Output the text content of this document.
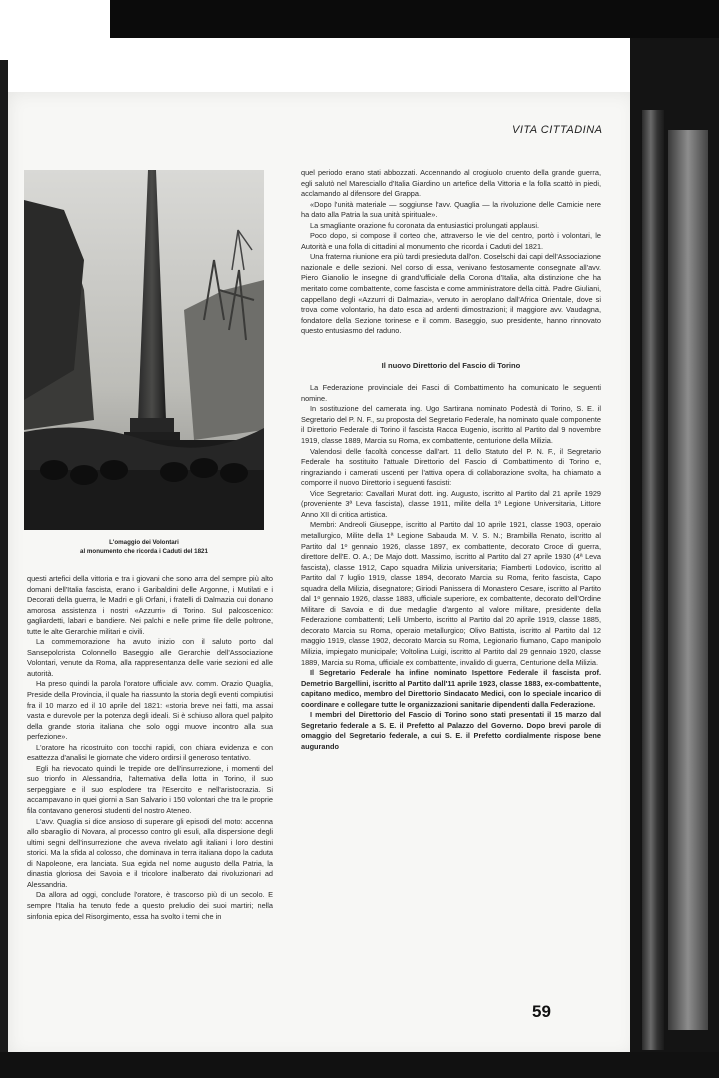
VITA CITTADINA
L'omaggio dei Volontari
al monumento che ricorda i Caduti del 1821

questi artefici della vittoria e tra i giovani che sono arra del sempre più alto domani dell'Italia fascista, erano i Garibaldini delle Argonne, i Mutilati e i Decorati della guerra, le Madri e gli Orfani, i fratelli di Dalmazia cui donano amorosa assistenza i nostri «Azzurri» di Torino. Sul palcoscenico: gagliardetti, labari e bandiere. Nei palchi e nelle prime file delle poltrone, tutte le alte Gerarchie militari e civili.

La commemorazione ha avuto inizio con il saluto porto dal Sansepolcrista Colonnello Baseggio alle Gerarchie dell'Associazione Volontari, venute da Roma, alla rappresentanza delle varie sezioni ed alle autorità.

Ha preso quindi la parola l'oratore ufficiale avv. comm. Orazio Quaglia, Preside della Provincia, il quale ha riassunto la storia degli eventi compiutisi fra il 10 marzo ed il 10 aprile del 1821: «storia breve nei fatti, ma assai vasta e durevole per la potenza degli ideali. Si è schiuso allora quel palpito della grande storia italiana che solo oggi muove incontro alla sua perfezione».

L'oratore ha ricostruito con tocchi rapidi, con chiara evidenza e con esattezza d'analisi le giornate che videro ordirsi il generoso tentativo.

Egli ha rievocato quindi le trepide ore dell'insurrezione, i momenti del suo trionfo in Alessandria, l'alternativa della lotta in Torino, il suo serpeggiare e il suo esplodere tra l'Esercito e nell'aristocrazia. Si accampavano in quei giorni a San Salvario i 150 volontari che tra le proprie fila contavano generosi studenti del nostro Ateneo.

L'avv. Quaglia si dice ansioso di superare gli episodi del moto: accenna allo sbaraglio di Novara, al processo contro gli esuli, alla dispersione degli ultimi segni dell'insurrezione che aveva rivelato agli italiani i loro destini storici. Ma la sfida al colosso, che dominava in terra italiana dopo la caduta di Napoleone, era lanciata. Sua egida nel nome augusto della Patria, la dinastia gloriosa dei Savoia e il tricolore inalberato dai rivoluzionari ad Alessandria.

Da allora ad oggi, conclude l'oratore, è trascorso più di un secolo. E sempre l'Italia ha tenuto fede a questo preludio dei suoi martiri; nella sinfonia epica del Risorgimento, essa ha svolto i temi che in

quel periodo erano stati abbozzati. Accennando al crogiuolo cruento della grande guerra, egli salutò nel Maresciallo d'Italia Giardino un artefice della Vittoria e la folla scattò in piedi, acclamando al difensore del Grappa.

«Dopo l'unità materiale — soggiunse l'avv. Quaglia — la rivoluzione delle Camicie nere ha dato alla Patria la sua unità spirituale».

La smagliante orazione fu coronata da entusiastici prolungati applausi.

Poco dopo, si compose il corteo che, attraverso le vie del centro, portò i volontari, le Autorità e una folla di cittadini al monumento che ricorda i Caduti del 1821.

Una fraterna riunione era più tardi presieduta dall'on. Coselschi dai capi dell'Associazione nazionale e delle sezioni. Nel corso di essa, venivano festosamente consegnate all'avv. Piero Gianolio le insegne di grand'ufficiale della Corona d'Italia, alta distinzione che ha meritato come combattente, come fascista e come amministratore della città. Padre Giuliani, cappellano degli «Azzurri di Dalmazia», venuto in aeroplano dall'Africa Orientale, dove si trova come volontario, ha dato esca ad ardenti dimostrazioni; il maggiore avv. Vaudagna, fondatore della Sezione torinese e il comm. Baseggio, suo presidente, hanno rinnovato questo entusiasmo del raduno.

Il nuovo Direttorio del Fascio di Torino

La Federazione provinciale dei Fasci di Combattimento ha comunicato le seguenti nomine.

In sostituzione del camerata ing. Ugo Sartirana nominato Podestà di Torino, S. E. il Segretario del P. N. F., su proposta del Segretario Federale, ha nominato quale componente il Direttorio Federale di Torino il fascista Racca Eugenio, iscritto al Partito dal 9 novembre 1919, classe 1889, Marcia su Roma, ex combattente, centurione della Milizia.

Valendosi delle facoltà concesse dall'art. 11 dello Statuto del P. N. F., il Segretario Federale ha sostituito l'attuale Direttorio del Fascio di Combattimento di Torino e, ringraziando i camerati uscenti per l'attiva opera di collaborazione svolta, ha chiamato a comporre il nuovo Direttorio i seguenti fascisti:

Vice Segretario: Cavallari Murat dott. ing. Augusto, iscritto al Partito dal 21 aprile 1929 (proveniente 3ª Leva fascista), classe 1911, milite della 1ª Legione Universitaria, Littore Anno XII di critica artistica.

Membri: Andreoli Giuseppe, iscritto al Partito dal 10 aprile 1921, classe 1903, operaio metallurgico, Milite della 1ª Legione Sabauda M. V. S. N.; Brambilla Renato, iscritto al Partito dal 1º gennaio 1926, classe 1897, ex combattente, decorato Croce di guerra, direttore dell'E. O. A.; De Majo dott. Massimo, iscritto al Partito dal 27 aprile 1930 (4ª Leva fascista), classe 1912, Capo squadra Milizia universitaria; Fiamberti Lodovico, iscritto al Partito dal 7 luglio 1919, classe 1894, decorato Marcia su Roma, ferito fascista, Capo squadra della Milizia, disegnatore; Giriodi Panissera di Monastero Cesare, iscritto al Partito dal 1º gennaio 1926, classe 1883, ufficiale superiore, ex combattente, decorato dell'Ordine Militare di Savoia e di due medaglie d'argento al valore militare, presidente della Federazione combattenti; Lelli Umberto, iscritto al Partito dal 20 aprile 1919, classe 1885, decorato Marcia su Roma, operaio metallurgico; Olivo Battista, iscritto al Partito dal 12 maggio 1919, classe 1902, decorato Marcia su Roma, Legionario fiumano, Capo manipolo Milizia, impiegato municipale; Voltolina Luigi, iscritto al Partito dal 29 gennaio 1920, classe 1889, Marcia su Roma, ufficiale ex combattente, invalido di guerra, Centurione della Milizia.

Il Segretario Federale ha infine nominato Ispettore Federale il fascista prof. Demetrio Bargellini, iscritto al Partito dall'11 aprile 1923, classe 1883, ex-combattente, capitano medico, membro del Direttorio Sindacato Medici, con lo speciale incarico di coordinare e collegare tutte le organizzazioni sanitarie dipendenti dalla Federazione.

I membri del Direttorio del Fascio di Torino sono stati presentati il 15 marzo dal Segretario federale a S. E. il Prefetto al Palazzo del Governo. Dopo brevi parole di omaggio del Segretario federale, a cui S. E. il Prefetto cordialmente rispose bene augurando

59
